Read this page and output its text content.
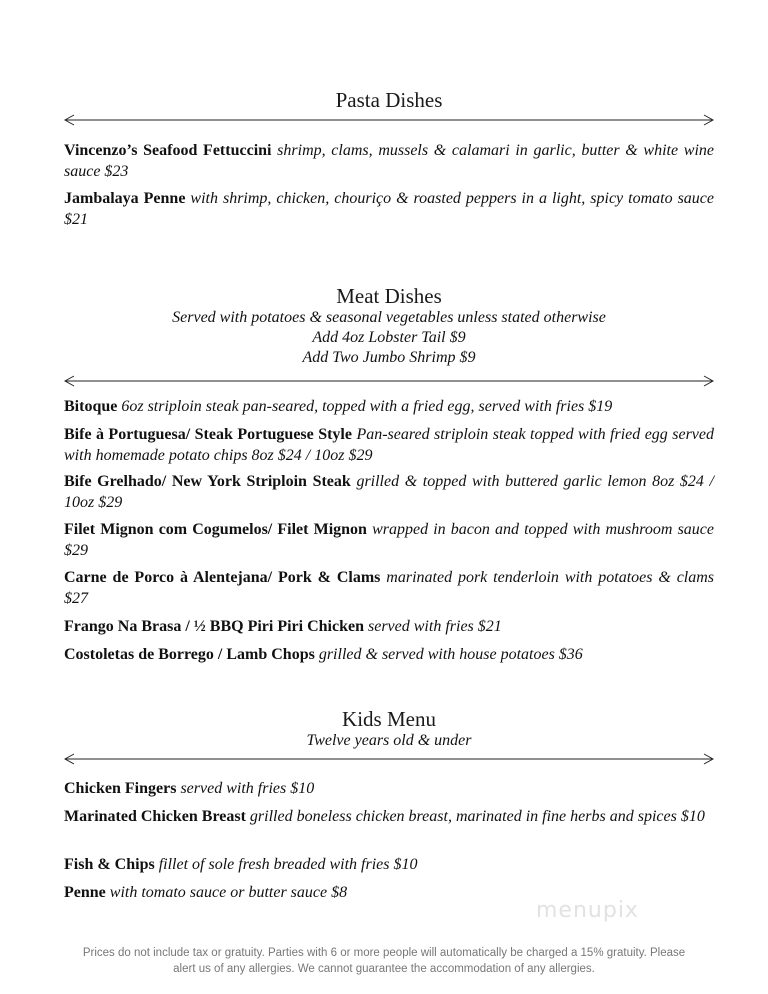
Pasta Dishes
Vincenzo’s Seafood Fettuccini shrimp, clams, mussels & calamari in garlic, butter & white wine sauce $23
Jambalaya Penne with shrimp, chicken, chouriço & roasted peppers in a light, spicy tomato sauce $21
Meat Dishes
Served with potatoes & seasonal vegetables unless stated otherwise
Add 4oz Lobster Tail $9
Add Two Jumbo Shrimp $9
Bitoque 6oz striploin steak pan-seared, topped with a fried egg, served with fries $19
Bife à Portuguesa/ Steak Portuguese Style Pan-seared striploin steak topped with fried egg served with homemade potato chips 8oz $24 / 10oz $29
Bife Grelhado/ New York Striploin Steak grilled & topped with buttered garlic lemon 8oz $24 / 10oz $29
Filet Mignon com Cogumelos/ Filet Mignon wrapped in bacon and topped with mushroom sauce $29
Carne de Porco à Alentejana/ Pork & Clams marinated pork tenderloin with potatoes & clams $27
Frango Na Brasa / ½ BBQ Piri Piri Chicken served with fries $21
Costoletas de Borrego / Lamb Chops grilled & served with house potatoes $36
Kids Menu
Twelve years old & under
Chicken Fingers served with fries $10
Marinated Chicken Breast grilled boneless chicken breast, marinated in fine herbs and spices $10
Fish & Chips fillet of sole fresh breaded with fries $10
Penne with tomato sauce or butter sauce $8
menupix
Prices do not include tax or gratuity. Parties with 6 or more people will automatically be charged a 15% gratuity. Please
alert us of any allergies. We cannot guarantee the accommodation of any allergies.
